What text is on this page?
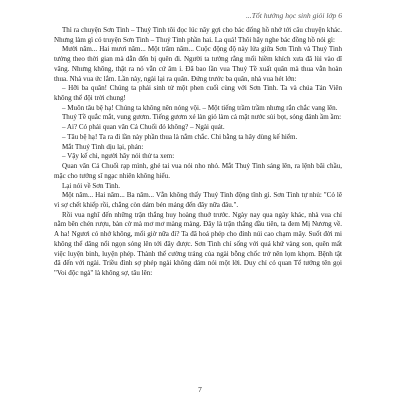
...Tốt hướng học sinh giỏi lớp 6

Thì ra chuyện Sơn Tinh – Thuỷ Tinh tôi đọc lúc nãy gợi cho bác đống hồ nhớ tới câu chuyện khác. Nhưng làm gì có truyện Sơn Tinh – Thuỷ Tinh phần hai. La quá! Thôi hãy nghe bác đồng hồ nói gì:

Mười năm... Hai mươi năm... Một trăm năm... Cuộc động độ này lửa giữa Sơn Tinh và Thuỷ Tinh tưởng theo thời gian mà dẫn đến bị quên đi. Người ta tưởng rằng mối hiềm khích xưa đã lùi vào dĩ vãng. Nhưng không, thật ra nó vẫn cứ âm ỉ. Đã bao lần vua Thuỷ Tề xuất quân mà thua vẫn hoàn thua. Nhà vua ức lắm. Lần này, ngài lại ra quân. Đứng trước ba quân, nhà vua hét lớn:

– Hỡi ba quân! Chúng ta phải sinh tử một phen cuối cùng với Sơn Tinh. Ta và chúa Tản Viên không thể đội trời chung!

– Muôn tâu bệ hạ! Chúng ta không nên nóng vội. – Một tiếng trầm trầm nhưng rắn chắc vang lên.

Thuỷ Tề quắc mắt, vung gươm. Tiếng gươm xé làn gió làm cả mặt nước sủi bọt, sóng đánh ầm ầm:

– Ai? Có phải quan văn Cả Chuối đó không? – Ngài quát.

– Tâu bệ hạ! Ta ra đi lần này phần thua là nắm chắc. Chi bằng ta hãy dùng kế hiểm.

Mắt Thuỷ Tinh dịu lại, phán:

– Vậy kế chi, người hãy nói thử ta xem:

Quan văn Cả Chuối rạp mình, ghé tai vua nói nho nhỏ. Mắt Thuỷ Tinh sáng lên, ra lệnh bãi chầu, mặc cho tướng sĩ ngạc nhiên không hiểu.

Lại nói về Sơn Tinh.

Một năm... Hai năm... Ba năm... Vẫn không thấy Thuỷ Tinh động tĩnh gì. Sơn Tinh tự nhủ: "Có lẽ vì sợ chết khiếp rồi, chẳng còn dám bén mảng đến đây nữa đâu.".

Rồi vua nghĩ đến những trận thắng huy hoàng thuở trước. Ngày nay qua ngày khác, nhà vua chỉ nằm bên chén rượu, bàn cờ mà mơ mơ màng màng. Đây là trận thắng đầu tiên, ta đem Mị Nương về. A ha! Ngươi có nhớ không, mối giờ nữa đi? Ta đã hoá phép cho đỉnh núi cao chạm mây. Suốt đời mi không thể dâng nổi ngọn sóng lên tới đây được. Sơn Tinh chỉ sống với quá khứ vàng son, quên mất việc luyện binh, luyện phép. Thành thế cường tráng của ngài bỗng chốc trở nên lọm khọm. Bệnh tật đã đến với ngài. Triều đình sợ phép ngài không dám nói một lời. Duy chỉ có quan Tể tướng tên gọi "Voi độc ngà" là không sợ, tâu lên:

7
